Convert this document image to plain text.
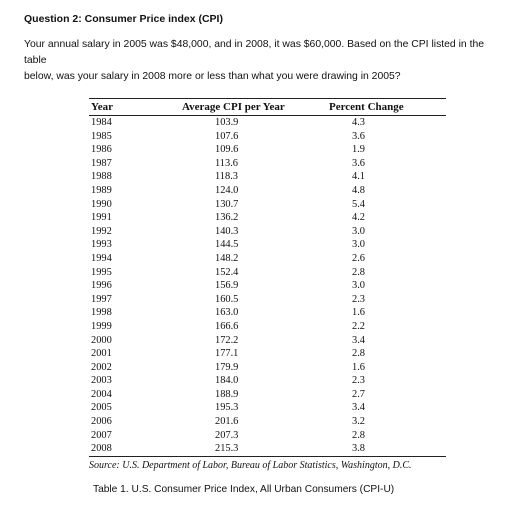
Question 2: Consumer Price index (CPI)
Your annual salary in 2005 was $48,000, and in 2008, it was $60,000. Based on the CPI listed in the table
below, was your salary in 2008 more or less than what you were drawing in 2005?
Year	Average CPI per Year	Percent Change
1984	103.9	4.3
1985	107.6	3.6
1986	109.6	1.9
1987	113.6	3.6
1988	118.3	4.1
1989	124.0	4.8
1990	130.7	5.4
1991	136.2	4.2
1992	140.3	3.0
1993	144.5	3.0
1994	148.2	2.6
1995	152.4	2.8
1996	156.9	3.0
1997	160.5	2.3
1998	163.0	1.6
1999	166.6	2.2
2000	172.2	3.4
2001	177.1	2.8
2002	179.9	1.6
2003	184.0	2.3
2004	188.9	2.7
2005	195.3	3.4
2006	201.6	3.2
2007	207.3	2.8
2008	215.3	3.8
Source: U.S. Department of Labor, Bureau of Labor Statistics, Washington, D.C.
Table 1. U.S. Consumer Price Index, All Urban Consumers (CPI-U)
